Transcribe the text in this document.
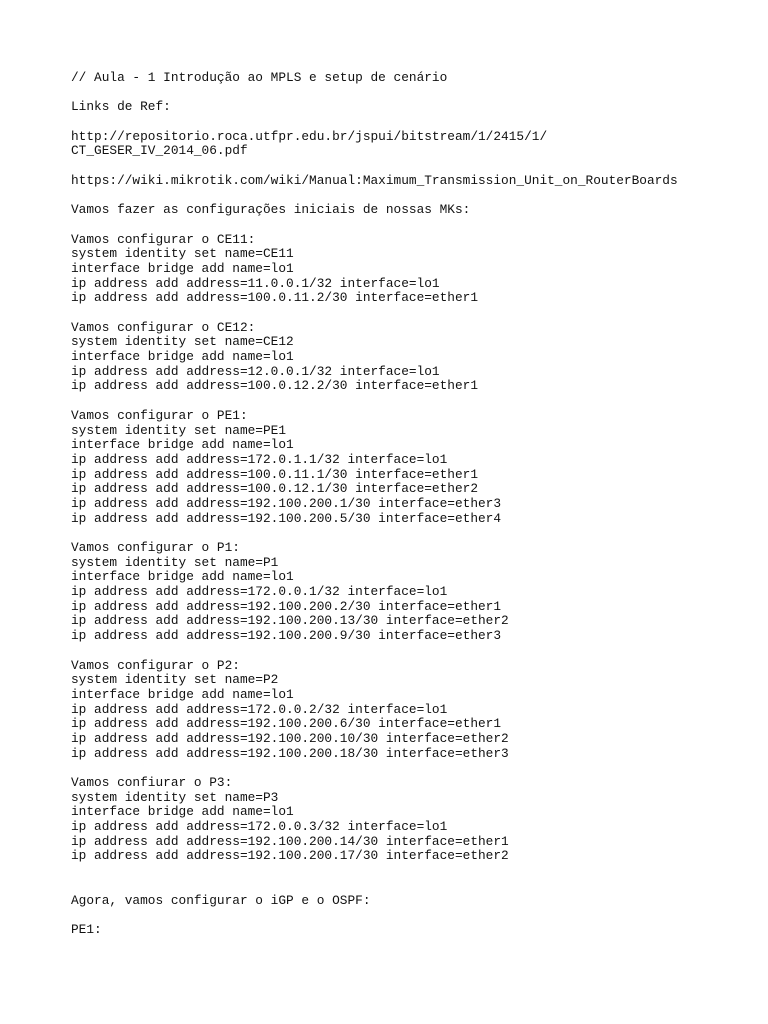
// Aula - 1 Introdução ao MPLS e setup de cenário
Links de Ref:
http://repositorio.roca.utfpr.edu.br/jspui/bitstream/1/2415/1/
CT_GESER_IV_2014_06.pdf
https://wiki.mikrotik.com/wiki/Manual:Maximum_Transmission_Unit_on_RouterBoards
Vamos fazer as configurações iniciais de nossas MKs:
Vamos configurar o CE11:
system identity set name=CE11
interface bridge add name=lo1
ip address add address=11.0.0.1/32 interface=lo1
ip address add address=100.0.11.2/30 interface=ether1
Vamos configurar o CE12:
system identity set name=CE12
interface bridge add name=lo1
ip address add address=12.0.0.1/32 interface=lo1
ip address add address=100.0.12.2/30 interface=ether1
Vamos configurar o PE1:
system identity set name=PE1
interface bridge add name=lo1
ip address add address=172.0.1.1/32 interface=lo1
ip address add address=100.0.11.1/30 interface=ether1
ip address add address=100.0.12.1/30 interface=ether2
ip address add address=192.100.200.1/30 interface=ether3
ip address add address=192.100.200.5/30 interface=ether4
Vamos configurar o P1:
system identity set name=P1
interface bridge add name=lo1
ip address add address=172.0.0.1/32 interface=lo1
ip address add address=192.100.200.2/30 interface=ether1
ip address add address=192.100.200.13/30 interface=ether2
ip address add address=192.100.200.9/30 interface=ether3
Vamos configurar o P2:
system identity set name=P2
interface bridge add name=lo1
ip address add address=172.0.0.2/32 interface=lo1
ip address add address=192.100.200.6/30 interface=ether1
ip address add address=192.100.200.10/30 interface=ether2
ip address add address=192.100.200.18/30 interface=ether3
Vamos confiurar o P3:
system identity set name=P3
interface bridge add name=lo1
ip address add address=172.0.0.3/32 interface=lo1
ip address add address=192.100.200.14/30 interface=ether1
ip address add address=192.100.200.17/30 interface=ether2
Agora, vamos configurar o iGP e o OSPF:
PE1:
